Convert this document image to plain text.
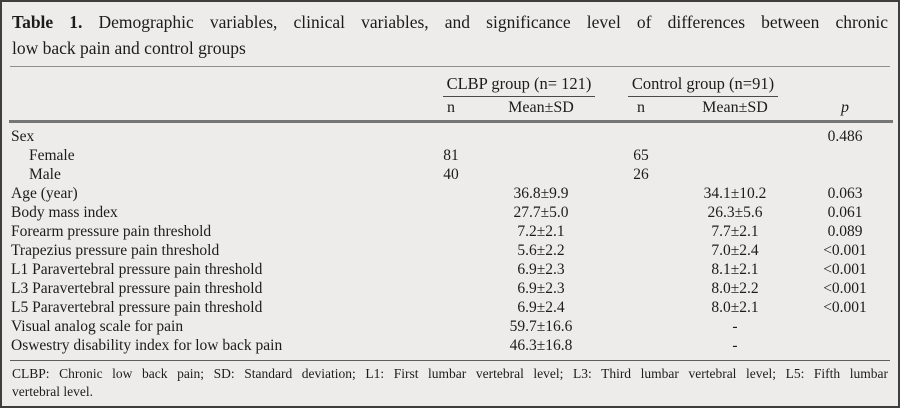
Table 1. Demographic variables, clinical variables, and significance level of differences between chronic
low back pain and control groups
	CLBP group (n= 121)		Control group (n=91)		
	n	Mean±SD	n	Mean±SD	p
Sex					0.486
Female	81		65		
Male	40		26		
Age (year)		36.8±9.9		34.1±10.2	0.063
Body mass index		27.7±5.0		26.3±5.6	0.061
Forearm pressure pain threshold		7.2±2.1		7.7±2.1	0.089
Trapezius pressure pain threshold		5.6±2.2		7.0±2.4	<0.001
L1 Paravertebral pressure pain threshold		6.9±2.3		8.1±2.1	<0.001
L3 Paravertebral pressure pain threshold		6.9±2.3		8.0±2.2	<0.001
L5 Paravertebral pressure pain threshold		6.9±2.4		8.0±2.1	<0.001
Visual analog scale for pain		59.7±16.6		-	
Oswestry disability index for low back pain		46.3±16.8		-	
CLBP: Chronic low back pain; SD: Standard deviation; L1: First lumbar vertebral level; L3: Third lumbar vertebral level; L5: Fifth lumbar
vertebral level.
